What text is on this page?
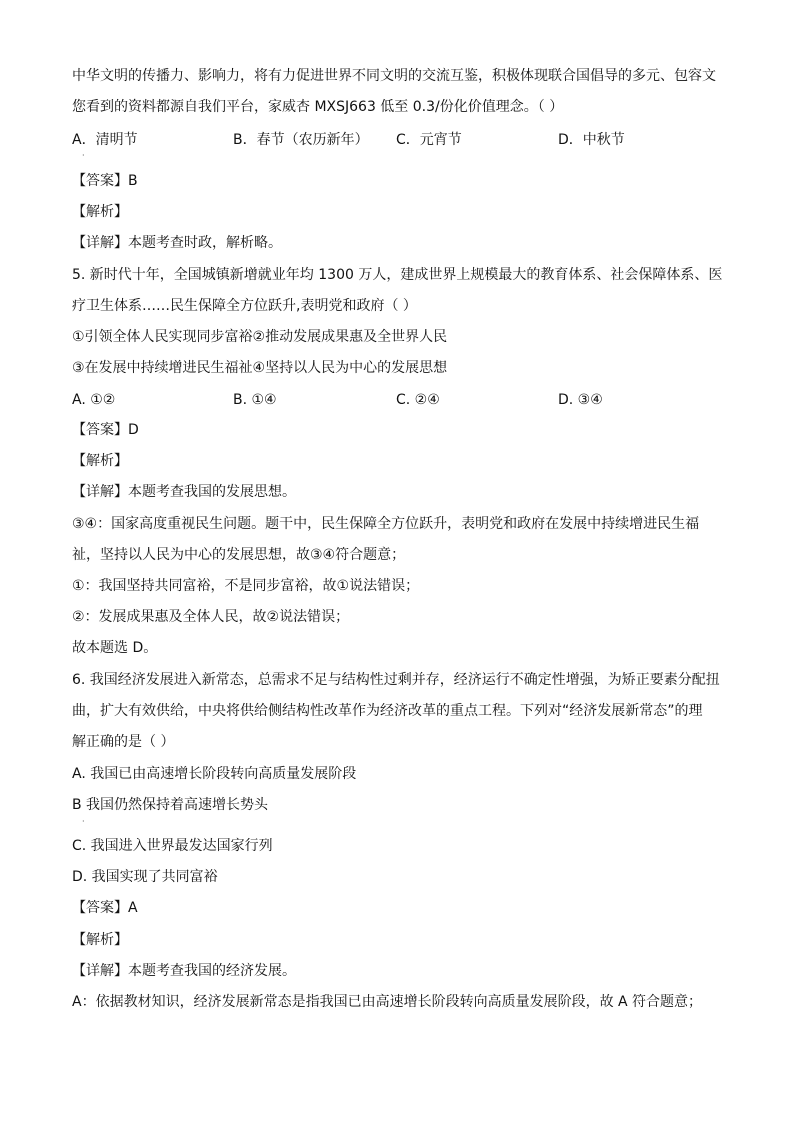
中华文明的传播力、影响力，将有力促进世界不同文明的交流互鉴，积极体现联合国倡导的多元、包容文
您看到的资料都源自我们平台，家威杏 MXSJ663 低至 0.3/份化价值理念。（ ）
A．清明节	B．春节（农历新年） C．元宵节	D．中秋节
·
【答案】B
【解析】
【详解】本题考查时政，解析略。
5. 新时代十年，全国城镇新增就业年均 1300 万人，建成世界上规模最大的教育体系、社会保障体系、医
疗卫生体系……民生保障全方位跃升,表明党和政府（ ）
①引领全体人民实现同步富裕②推动发展成果惠及全世界人民
③在发展中持续增进民生福祉④坚持以人民为中心的发展思想
A. ①②	B. ①④	C. ②④	D. ③④
【答案】D
【解析】
【详解】本题考查我国的发展思想。
③④：国家高度重视民生问题。题干中，民生保障全方位跃升，表明党和政府在发展中持续增进民生福
祉，坚持以人民为中心的发展思想，故③④符合题意；
①：我国坚持共同富裕，不是同步富裕，故①说法错误；
②：发展成果惠及全体人民，故②说法错误；
故本题选 D。
6. 我国经济发展进入新常态，总需求不足与结构性过剩并存，经济运行不确定性增强，为矫正要素分配扭
曲，扩大有效供给，中央将供给侧结构性改革作为经济改革的重点工程。下列对“经济发展新常态”的理
解正确的是（ ）
A. 我国已由高速增长阶段转向高质量发展阶段
B 我国仍然保持着高速增长势头
·
C. 我国进入世界最发达国家行列
D. 我国实现了共同富裕
【答案】A
【解析】
【详解】本题考查我国的经济发展。
A：依据教材知识，经济发展新常态是指我国已由高速增长阶段转向高质量发展阶段，故 A 符合题意；
